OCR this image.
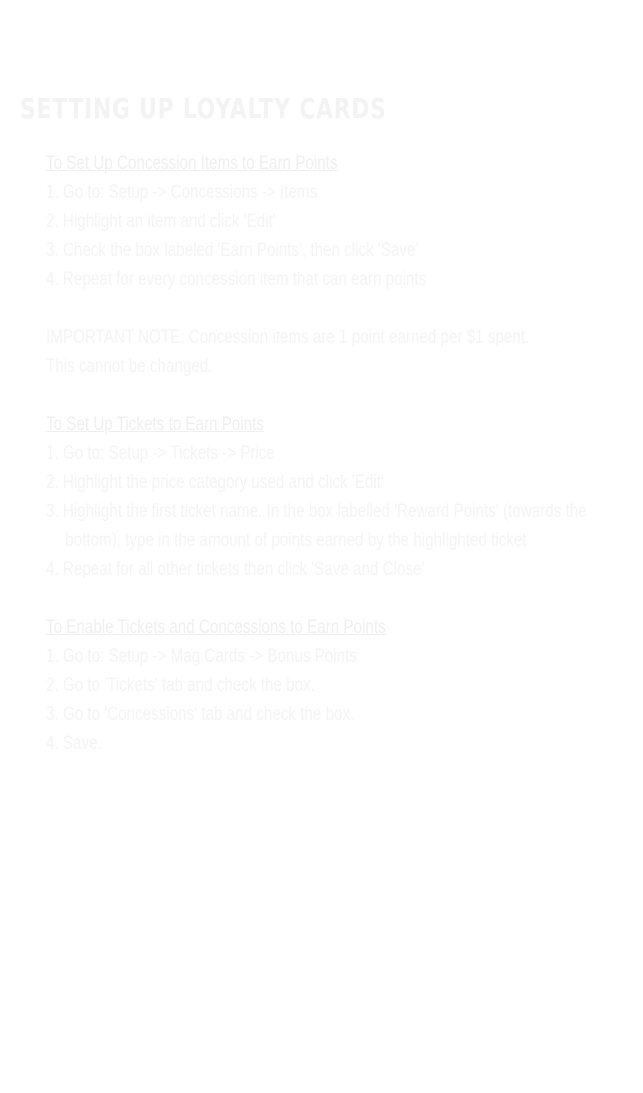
SETTING UP LOYALTY CARDS
To Set Up Concession Items to Earn Points
1. Go to: Setup -> Concessions -> Items
2. Highlight an item and click 'Edit'
3. Check the box labeled 'Earn Points', then click 'Save'
4. Repeat for every concession item that can earn points
IMPORTANT NOTE: Concession items are 1 point earned per $1 spent.
This cannot be changed.
To Set Up Tickets to Earn Points
1. Go to: Setup -> Tickets -> Price
2. Highlight the price category used and click 'Edit'
3. Highlight the first ticket name. In the box labelled 'Reward Points' (towards the bottom), type in the amount of points earned by the highlighted ticket
4. Repeat for all other tickets then click 'Save and Close'
To Enable Tickets and Concessions to Earn Points
1. Go to: Setup -> Mag Cards -> Bonus Points
2. Go to 'Tickets' tab and check the box.
3. Go to 'Concessions' tab and check the box.
4. Save.
